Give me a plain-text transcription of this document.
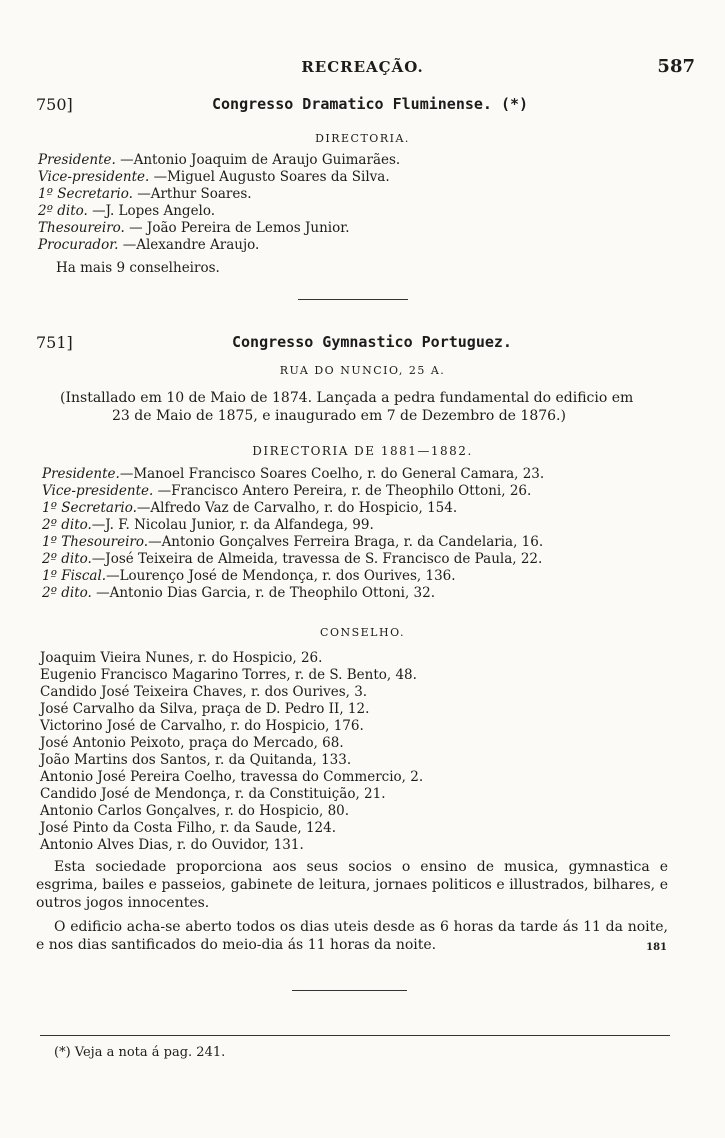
RECREAÇÃO.	587
750]	Congresso Dramatico Fluminense. (*)
DIRECTORIA.
Presidente. —Antonio Joaquim de Araujo Guimarães.
Vice-presidente. —Miguel Augusto Soares da Silva.
1º Secretario. —Arthur Soares.
2º dito. —J. Lopes Angelo.
Thesoureiro. — João Pereira de Lemos Junior.
Procurador. —Alexandre Araujo.
Ha mais 9 conselheiros.
751]	Congresso Gymnastico Portuguez.
RUA DO NUNCIO, 25 A.
(Installado em 10 de Maio de 1874. Lançada a pedra fundamental do edificio em
23 de Maio de 1875, e inaugurado em 7 de Dezembro de 1876.)
DIRECTORIA DE 1881—1882.
Presidente.—Manoel Francisco Soares Coelho, r. do General Camara, 23.
Vice-presidente. —Francisco Antero Pereira, r. de Theophilo Ottoni, 26.
1º Secretario.—Alfredo Vaz de Carvalho, r. do Hospicio, 154.
2º dito.—J. F. Nicolau Junior, r. da Alfandega, 99.
1º Thesoureiro.—Antonio Gonçalves Ferreira Braga, r. da Candelaria, 16.
2º dito.—José Teixeira de Almeida, travessa de S. Francisco de Paula, 22.
1º Fiscal.—Lourenço José de Mendonça, r. dos Ourives, 136.
2º dito. —Antonio Dias Garcia, r. de Theophilo Ottoni, 32.
CONSELHO.
Joaquim Vieira Nunes, r. do Hospicio, 26.
Eugenio Francisco Magarino Torres, r. de S. Bento, 48.
Candido José Teixeira Chaves, r. dos Ourives, 3.
José Carvalho da Silva, praça de D. Pedro II, 12.
Victorino José de Carvalho, r. do Hospicio, 176.
José Antonio Peixoto, praça do Mercado, 68.
João Martins dos Santos, r. da Quitanda, 133.
Antonio José Pereira Coelho, travessa do Commercio, 2.
Candido José de Mendonça, r. da Constituição, 21.
Antonio Carlos Gonçalves, r. do Hospicio, 80.
José Pinto da Costa Filho, r. da Saude, 124.
Antonio Alves Dias, r. do Ouvidor, 131.
Esta sociedade proporciona aos seus socios o ensino de musica, gymnastica e esgrima, bailes e passeios, gabinete de leitura, jornaes politicos e illustrados, bilhares, e outros jogos innocentes.
O edificio acha-se aberto todos os dias uteis desde as 6 horas da tarde ás 11 da noite, e nos dias santificados do meio-dia ás 11 horas da noite.	181
(*) Veja a nota á pag. 241.
